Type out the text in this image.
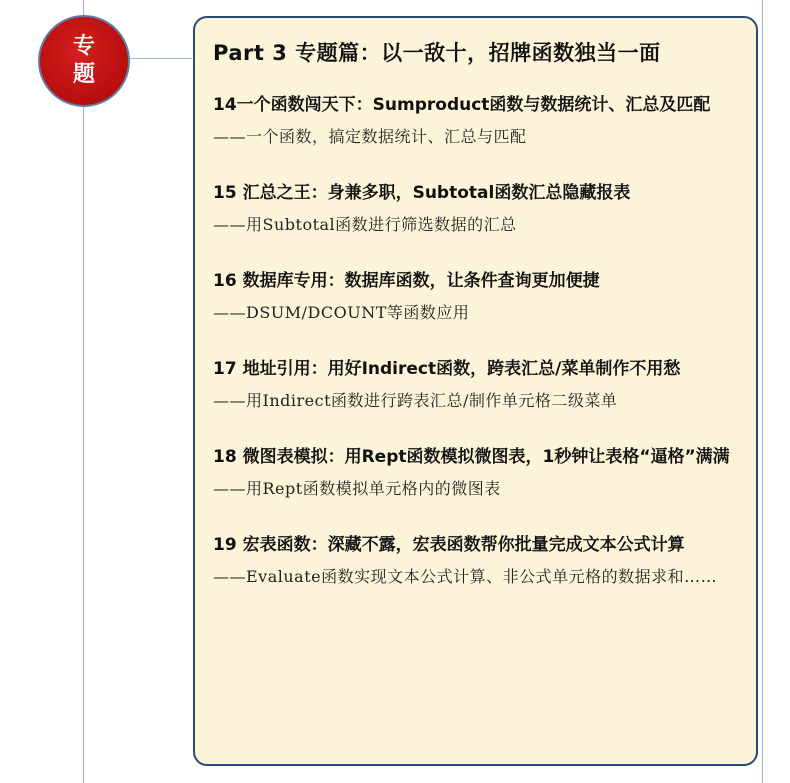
专
题
Part 3 专题篇：以一敌十，招牌函数独当一面
14一个函数闯天下：Sumproduct函数与数据统计、汇总及匹配
——一个函数，搞定数据统计、汇总与匹配
15 汇总之王：身兼多职，Subtotal函数汇总隐藏报表
——用Subtotal函数进行筛选数据的汇总
16 数据库专用：数据库函数，让条件查询更加便捷
——DSUM/DCOUNT等函数应用
17 地址引用：用好Indirect函数，跨表汇总/菜单制作不用愁
——用Indirect函数进行跨表汇总/制作单元格二级菜单
18 微图表模拟：用Rept函数模拟微图表，1秒钟让表格“逼格”满满
——用Rept函数模拟单元格内的微图表
19 宏表函数：深藏不露，宏表函数帮你批量完成文本公式计算
——Evaluate函数实现文本公式计算、非公式单元格的数据求和……
